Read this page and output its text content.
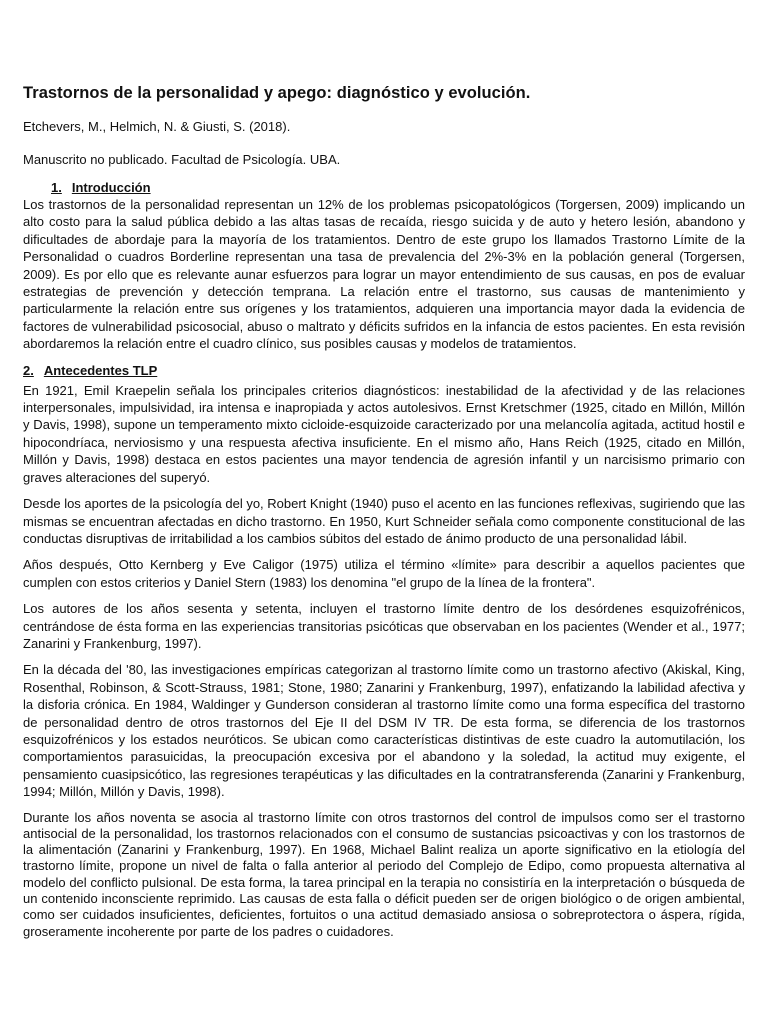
Trastornos de la personalidad y apego: diagnóstico y evolución.
Etchevers, M., Helmich, N. & Giusti, S. (2018).
Manuscrito no publicado. Facultad de Psicología. UBA.
1. Introducción

Los trastornos de la personalidad representan un 12% de los problemas psicopatológicos (Torgersen, 2009) implicando un alto costo para la salud pública debido a las altas tasas de recaída, riesgo suicida y de auto y hetero lesión, abandono y dificultades de abordaje para la mayoría de los tratamientos. Dentro de este grupo los llamados Trastorno Límite de la Personalidad o cuadros Borderline representan una tasa de prevalencia del 2%-3% en la población general (Torgersen, 2009). Es por ello que es relevante aunar esfuerzos para lograr un mayor entendimiento de sus causas, en pos de evaluar estrategias de prevención y detección temprana. La relación entre el trastorno, sus causas de mantenimiento y particularmente la relación entre sus orígenes y los tratamientos, adquieren una importancia mayor dada la evidencia de factores de vulnerabilidad psicosocial, abuso o maltrato y déficits sufridos en la infancia de estos pacientes. En esta revisión abordaremos la relación entre el cuadro clínico, sus posibles causas y modelos de tratamientos.

2. Antecedentes TLP

En 1921, Emil Kraepelin señala los principales criterios diagnósticos: inestabilidad de la afectividad y de las relaciones interpersonales, impulsividad, ira intensa e inapropiada y actos autolesivos. Ernst Kretschmer (1925, citado en Millón, Millón y Davis, 1998), supone un temperamento mixto cicloide-esquizoide caracterizado por una melancolía agitada, actitud hostil e hipocondríaca, nerviosismo y una respuesta afectiva insuficiente. En el mismo año, Hans Reich (1925, citado en Millón, Millón y Davis, 1998) destaca en estos pacientes una mayor tendencia de agresión infantil y un narcisismo primario con graves alteraciones del superyó.

Desde los aportes de la psicología del yo, Robert Knight (1940) puso el acento en las funciones reflexivas, sugiriendo que las mismas se encuentran afectadas en dicho trastorno. En 1950, Kurt Schneider señala como componente constitucional de las conductas disruptivas de irritabilidad a los cambios súbitos del estado de ánimo producto de una personalidad lábil.

Años después, Otto Kernberg y Eve Caligor (1975) utiliza el término «límite» para describir a aquellos pacientes que cumplen con estos criterios y Daniel Stern (1983) los denomina "el grupo de la línea de la frontera".

Los autores de los años sesenta y setenta, incluyen el trastorno límite dentro de los desórdenes esquizofrénicos, centrándose de ésta forma en las experiencias transitorias psicóticas que observaban en los pacientes (Wender et al., 1977; Zanarini y Frankenburg, 1997).

En la década del '80, las investigaciones empíricas categorizan al trastorno límite como un trastorno afectivo (Akiskal, King, Rosenthal, Robinson, & Scott-Strauss, 1981; Stone, 1980; Zanarini y Frankenburg, 1997), enfatizando la labilidad afectiva y la disforia crónica. En 1984, Waldinger y Gunderson consideran al trastorno límite como una forma específica del trastorno de personalidad dentro de otros trastornos del Eje II del DSM IV TR. De esta forma, se diferencia de los trastornos esquizofrénicos y los estados neuróticos. Se ubican como características distintivas de este cuadro la automutilación, los comportamientos parasuicidas, la preocupación excesiva por el abandono y la soledad, la actitud muy exigente, el pensamiento cuasipsicótico, las regresiones terapéuticas y las dificultades en la contratransferenda (Zanarini y Frankenburg, 1994; Millón, Millón y Davis, 1998).

Durante los años noventa se asocia al trastorno límite con otros trastornos del control de impulsos como ser el trastorno antisocial de la personalidad, los trastornos relacionados con el consumo de sustancias psicoactivas y con los trastornos de la alimentación (Zanarini y Frankenburg, 1997). En 1968, Michael Balint realiza un aporte significativo en la etiología del trastorno límite, propone un nivel de falta o falla anterior al periodo del Complejo de Edipo, como propuesta alternativa al modelo del conflicto pulsional. De esta forma, la tarea principal en la terapia no consistiría en la interpretación o búsqueda de un contenido inconsciente reprimido. Las causas de esta falla o déficit pueden ser de origen biológico o de origen ambiental, como ser cuidados insuficientes, deficientes, fortuitos o una actitud demasiado ansiosa o sobreprotectora o áspera, rígida, groseramente incoherente por parte de los padres o cuidadores.
